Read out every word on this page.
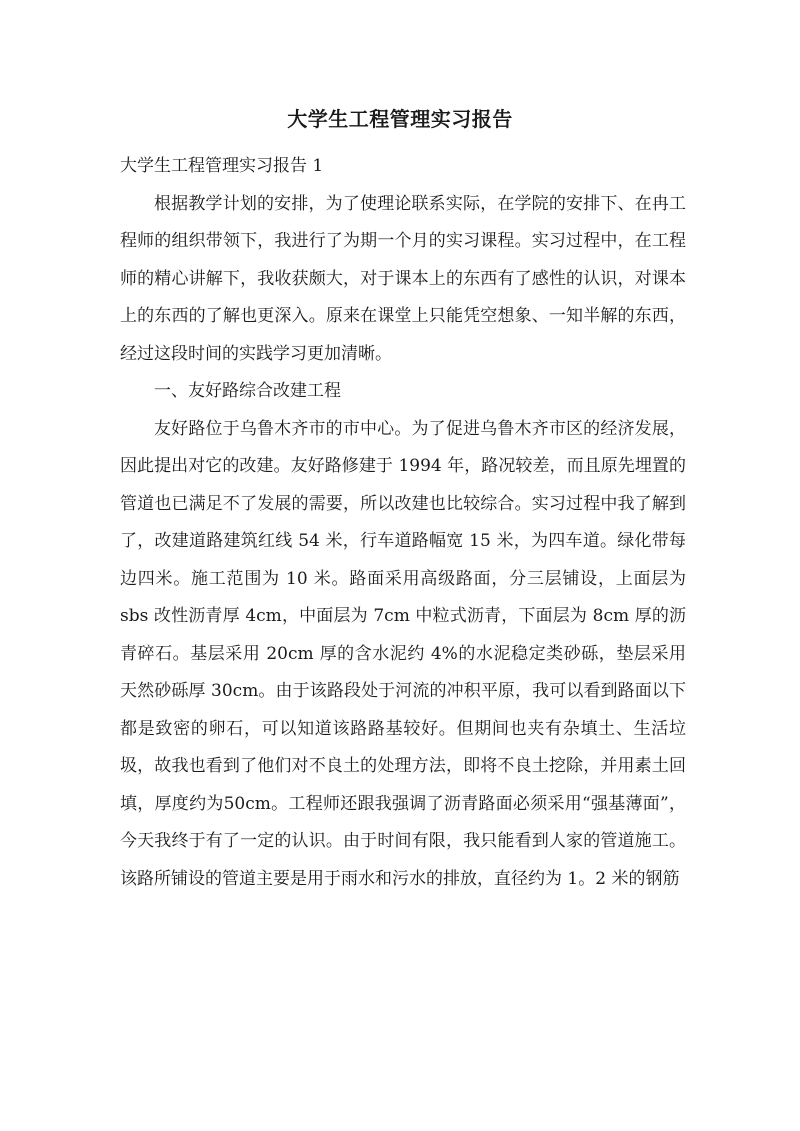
大学生工程管理实习报告

大学生工程管理实习报告 1

根据教学计划的安排，为了使理论联系实际，在学院的安排下、在冉工程师的组织带领下，我进行了为期一个月的实习课程。实习过程中，在工程师的精心讲解下，我收获颇大，对于课本上的东西有了感性的认识，对课本上的东西的了解也更深入。原来在课堂上只能凭空想象、一知半解的东西，经过这段时间的实践学习更加清晰。

一、友好路综合改建工程

友好路位于乌鲁木齐市的市中心。为了促进乌鲁木齐市区的经济发展，因此提出对它的改建。友好路修建于 1994 年，路况较差，而且原先埋置的管道也已满足不了发展的需要，所以改建也比较综合。实习过程中我了解到了，改建道路建筑红线 54 米，行车道路幅宽 15 米，为四车道。绿化带每边四米。施工范围为 10 米。路面采用高级路面，分三层铺设，上面层为 sbs 改性沥青厚 4cm，中面层为 7cm 中粒式沥青，下面层为 8cm 厚的沥青碎石。基层采用 20cm 厚的含水泥约 4%的水泥稳定类砂砾，垫层采用天然砂砾厚 30cm。由于该路段处于河流的冲积平原，我可以看到路面以下都是致密的卵石，可以知道该路路基较好。但期间也夹有杂填土、生活垃圾，故我也看到了他们对不良土的处理方法，即将不良土挖除，并用素土回填，厚度约为50cm。工程师还跟我强调了沥青路面必须采用“强基薄面”，今天我终于有了一定的认识。由于时间有限，我只能看到人家的管道施工。该路所铺设的管道主要是用于雨水和污水的排放，直径约为 1。2 米的钢筋
